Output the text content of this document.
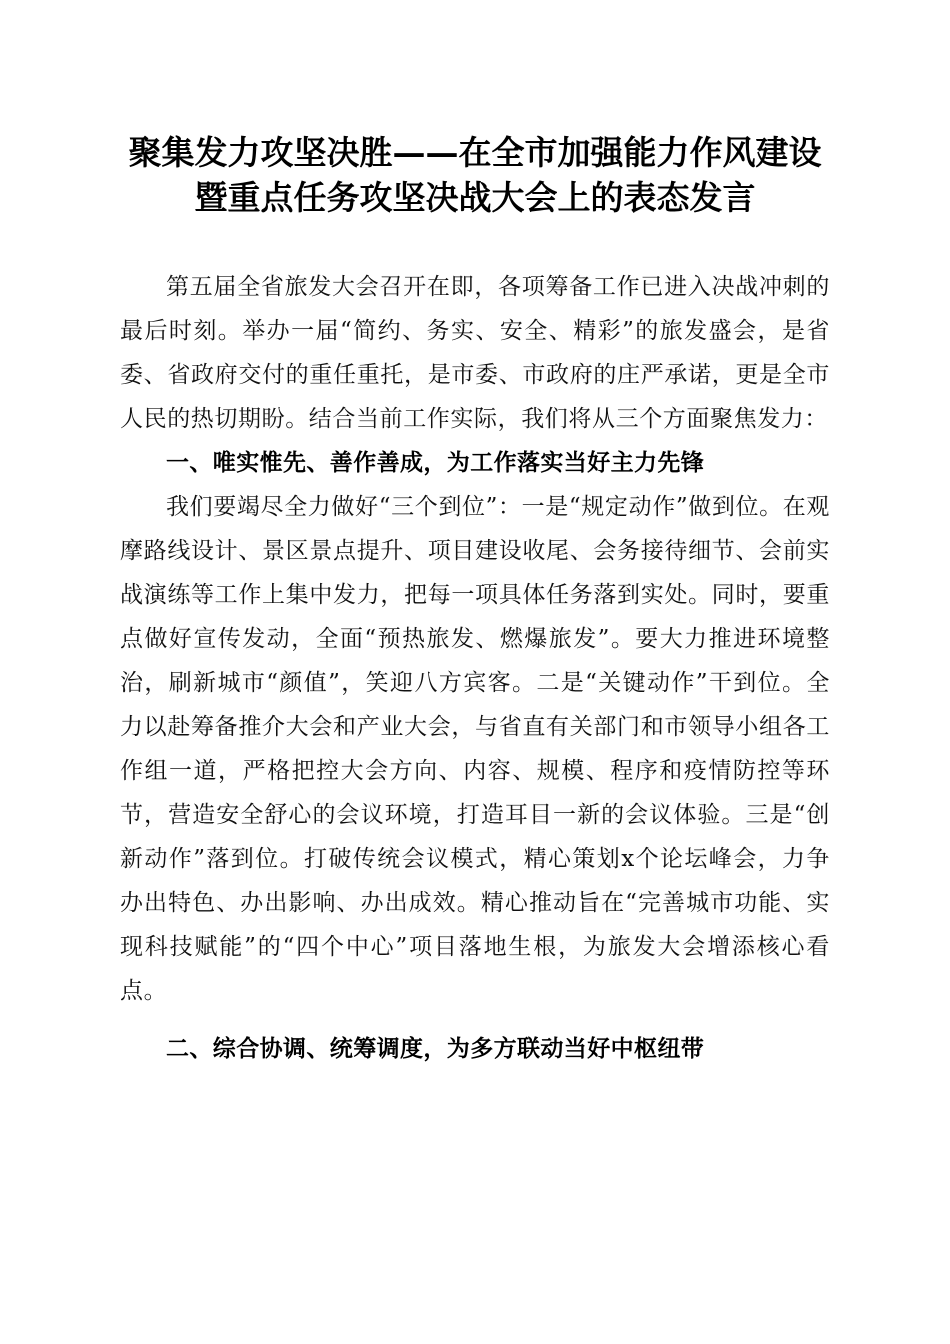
聚集发力攻坚决胜——在全市加强能力作风建设暨重点任务攻坚决战大会上的表态发言

第五届全省旅发大会召开在即，各项筹备工作已进入决战冲刺的最后时刻。举办一届“简约、务实、安全、精彩”的旅发盛会，是省委、省政府交付的重任重托，是市委、市政府的庄严承诺，更是全市人民的热切期盼。结合当前工作实际，我们将从三个方面聚焦发力：

一、唯实惟先、善作善成，为工作落实当好主力先锋

我们要竭尽全力做好“三个到位”：一是“规定动作”做到位。在观摩路线设计、景区景点提升、项目建设收尾、会务接待细节、会前实战演练等工作上集中发力，把每一项具体任务落到实处。同时，要重点做好宣传发动，全面“预热旅发、燃爆旅发”。要大力推进环境整治，刷新城市“颜值”，笑迎八方宾客。二是“关键动作”干到位。全力以赴筹备推介大会和产业大会，与省直有关部门和市领导小组各工作组一道，严格把控大会方向、内容、规模、程序和疫情防控等环节，营造安全舒心的会议环境，打造耳目一新的会议体验。三是“创新动作”落到位。打破传统会议模式，精心策划x个论坛峰会，力争办出特色、办出影响、办出成效。精心推动旨在“完善城市功能、实现科技赋能”的“四个中心”项目落地生根，为旅发大会增添核心看点。

二、综合协调、统筹调度，为多方联动当好中枢纽带
